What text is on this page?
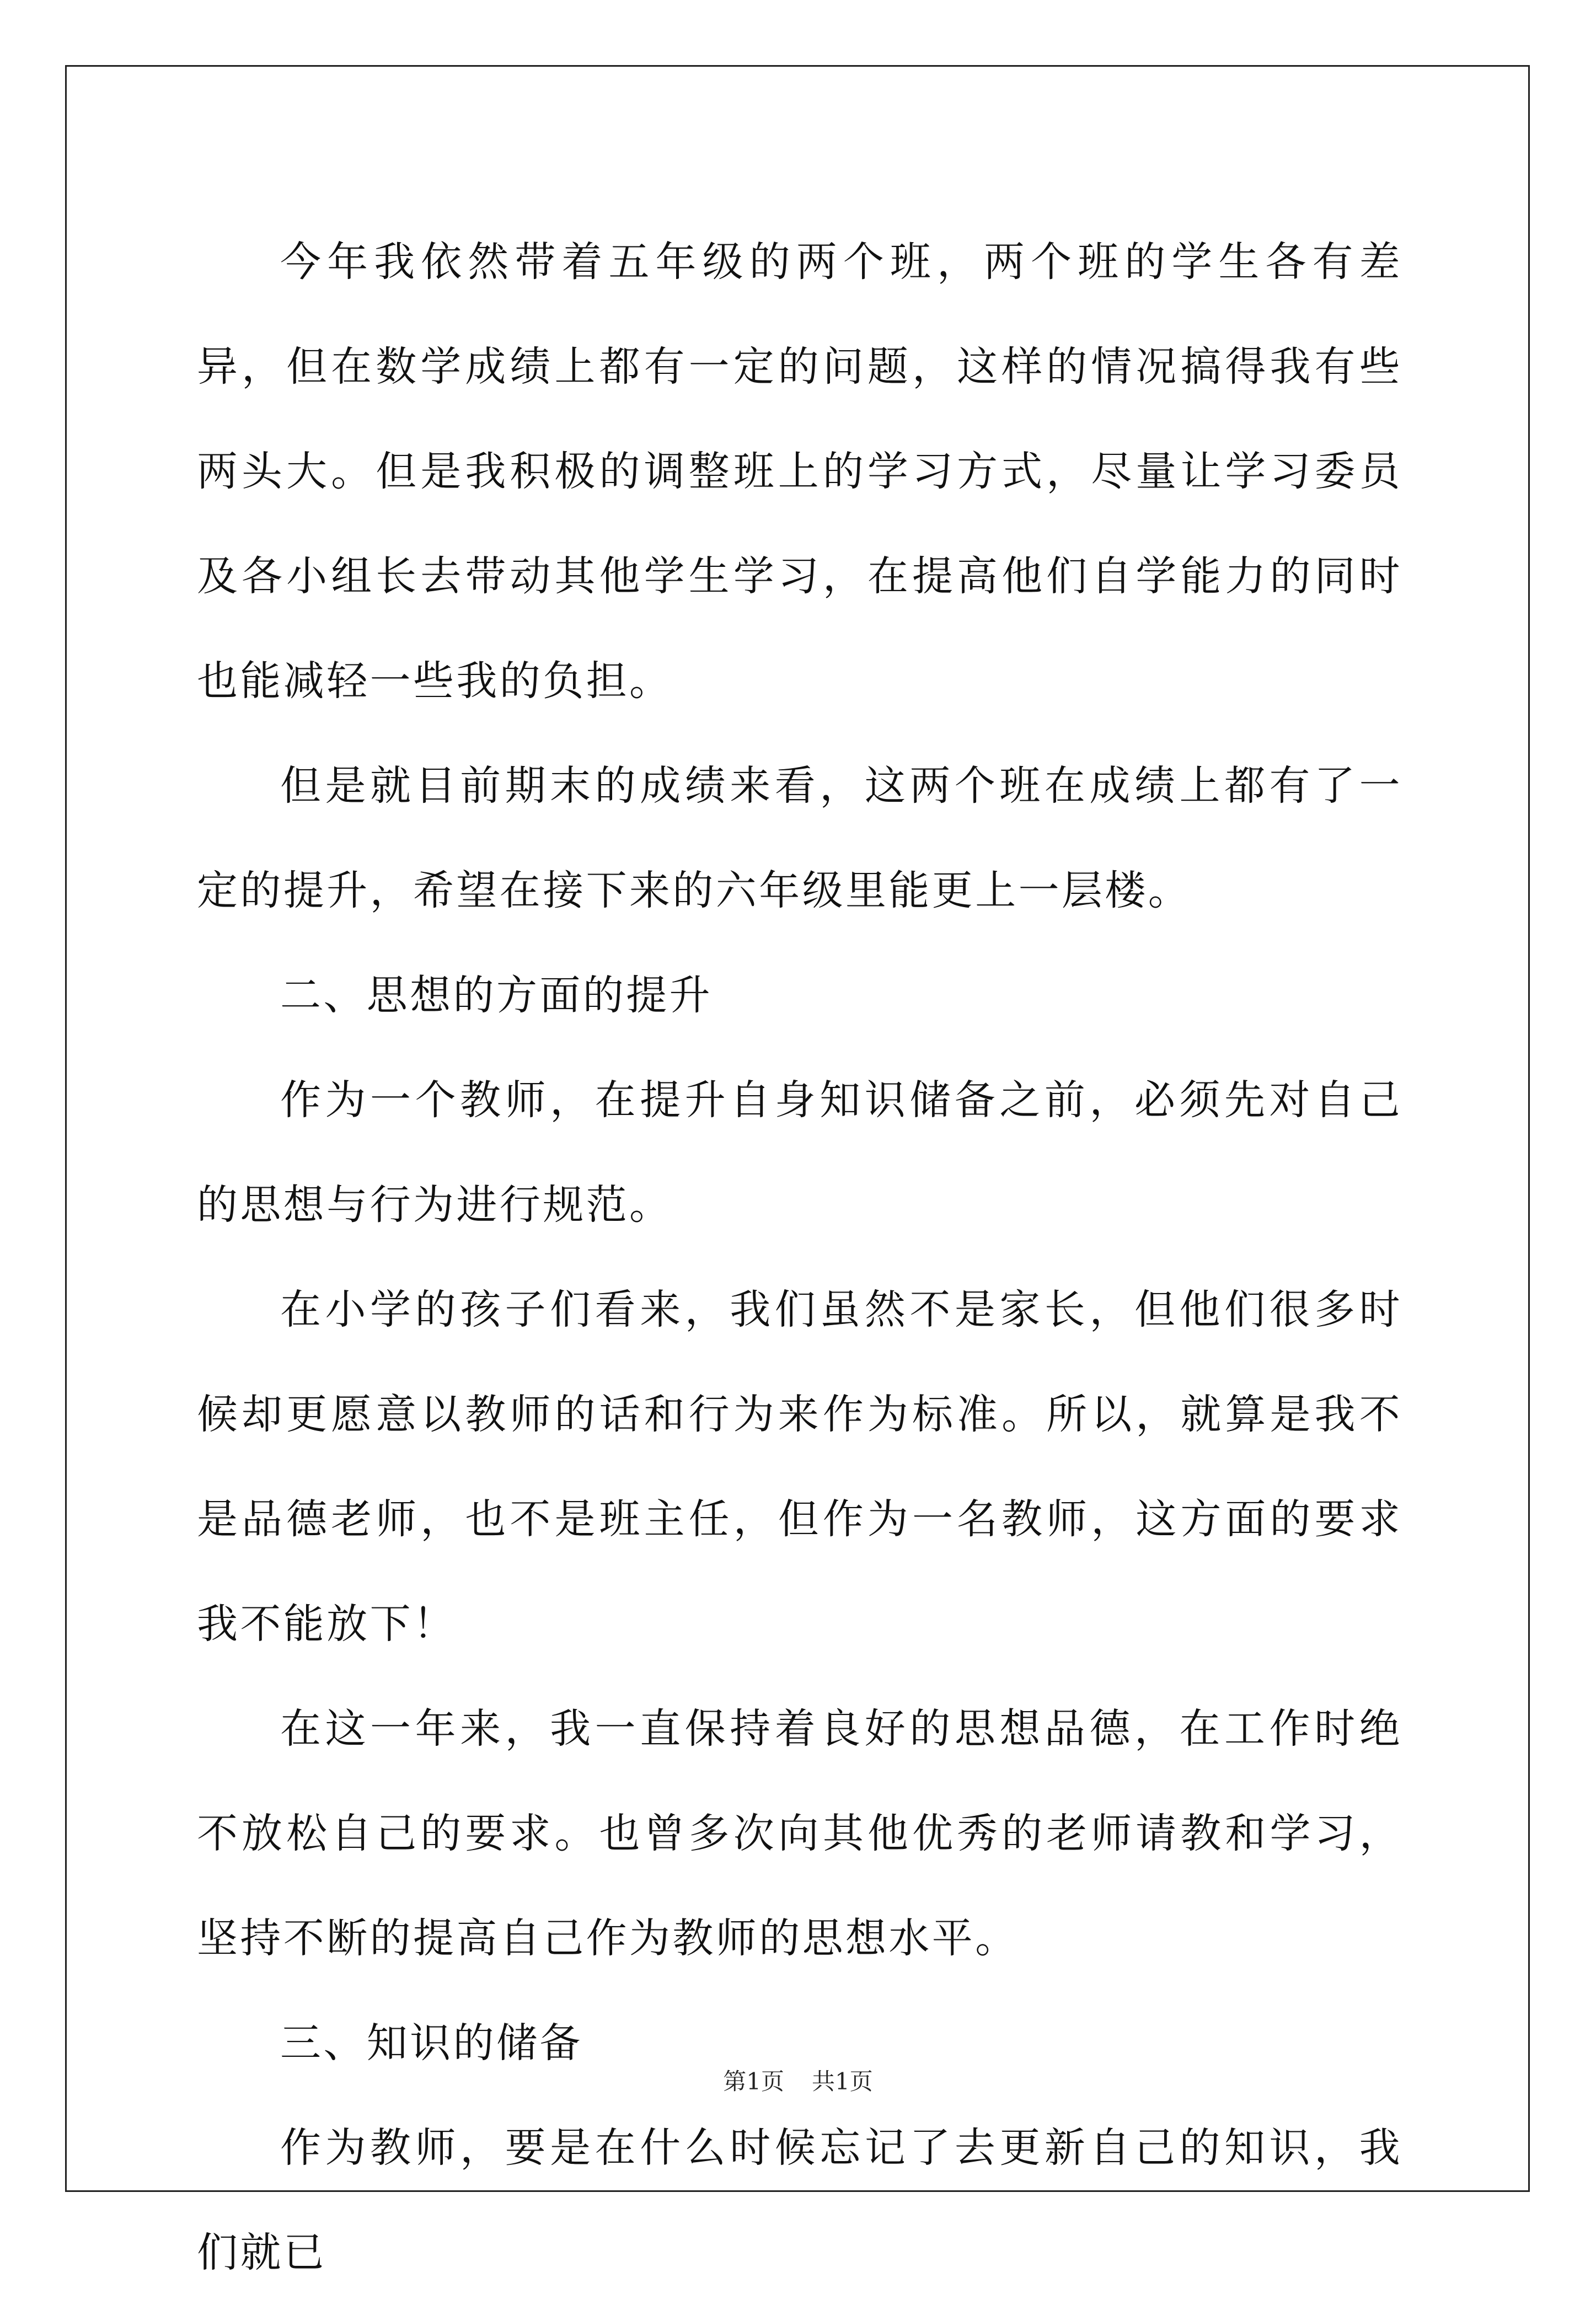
今年我依然带着五年级的两个班，两个班的学生各有差异，但在数学成绩上都有一定的问题，这样的情况搞得我有些两头大。但是我积极的调整班上的学习方式，尽量让学习委员及各小组长去带动其他学生学习，在提高他们自学能力的同时也能减轻一些我的负担。

但是就目前期末的成绩来看，这两个班在成绩上都有了一定的提升，希望在接下来的六年级里能更上一层楼。

二、思想的方面的提升

作为一个教师，在提升自身知识储备之前，必须先对自己的思想与行为进行规范。

在小学的孩子们看来，我们虽然不是家长，但他们很多时候却更愿意以教师的话和行为来作为标准。所以，就算是我不是品德老师，也不是班主任，但作为一名教师，这方面的要求我不能放下！

在这一年来，我一直保持着良好的思想品德，在工作时绝不放松自己的要求。也曾多次向其他优秀的老师请教和学习，坚持不断的提高自己作为教师的思想水平。

三、知识的储备

作为教师，要是在什么时候忘记了去更新自己的知识，我们就已

第1页 共1页
